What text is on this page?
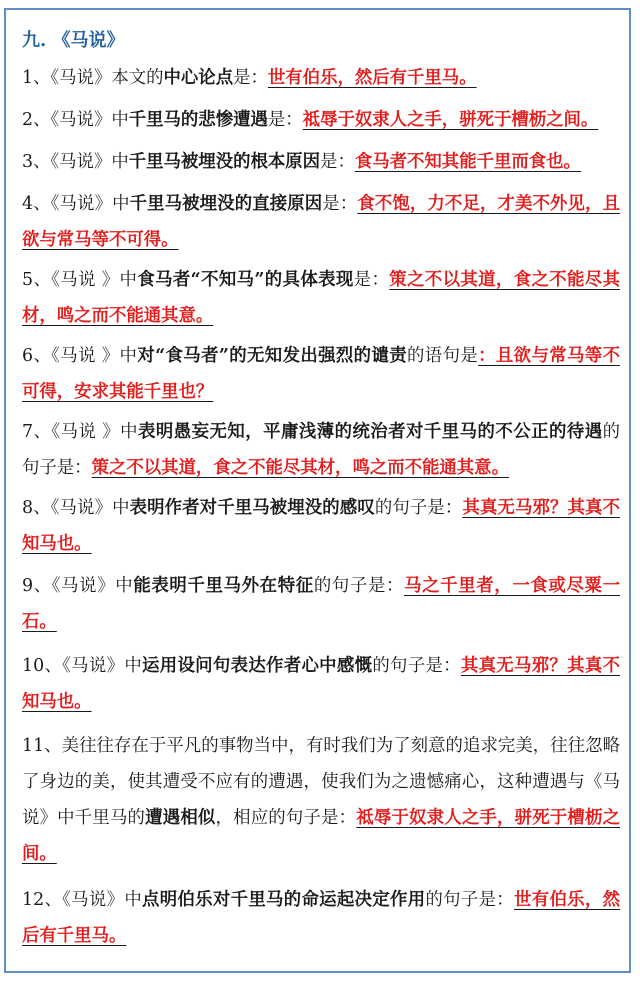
九. 《马说》
1、《马说》本文的中心论点是：世有伯乐，然后有千里马。
2、《马说》中千里马的悲惨遭遇是：祗辱于奴隶人之手，骈死于槽枥之间。
3、《马说》中千里马被埋没的根本原因是：食马者不知其能千里而食也。
4、《马说》中千里马被埋没的直接原因是：食不饱，力不足，才美不外见，且欲与常马等不可得。
5、《马说 》中食马者“不知马”的具体表现是：策之不以其道，食之不能尽其材，鸣之而不能通其意。
6、《马说 》中对“食马者”的无知发出强烈的谴责的语句是：且欲与常马等不可得，安求其能千里也？
7、《马说 》中表明愚妄无知，平庸浅薄的统治者对千里马的不公正的待遇的句子是：策之不以其道，食之不能尽其材，鸣之而不能通其意。
8、《马说》中表明作者对千里马被埋没的感叹的句子是：其真无马邪？其真不知马也。
9、《马说》中能表明千里马外在特征的句子是：马之千里者，一食或尽粟一石。
10、《马说》中运用设问句表达作者心中感慨的句子是：其真无马邪？其真不知马也。
11、美往往存在于平凡的事物当中，有时我们为了刻意的追求完美，往往忽略了身边的美，使其遭受不应有的遭遇，使我们为之遗憾痛心，这种遭遇与《马说》中千里马的遭遇相似，相应的句子是：祗辱于奴隶人之手，骈死于槽枥之间。
12、《马说》中点明伯乐对千里马的命运起决定作用的句子是：世有伯乐，然后有千里马。
